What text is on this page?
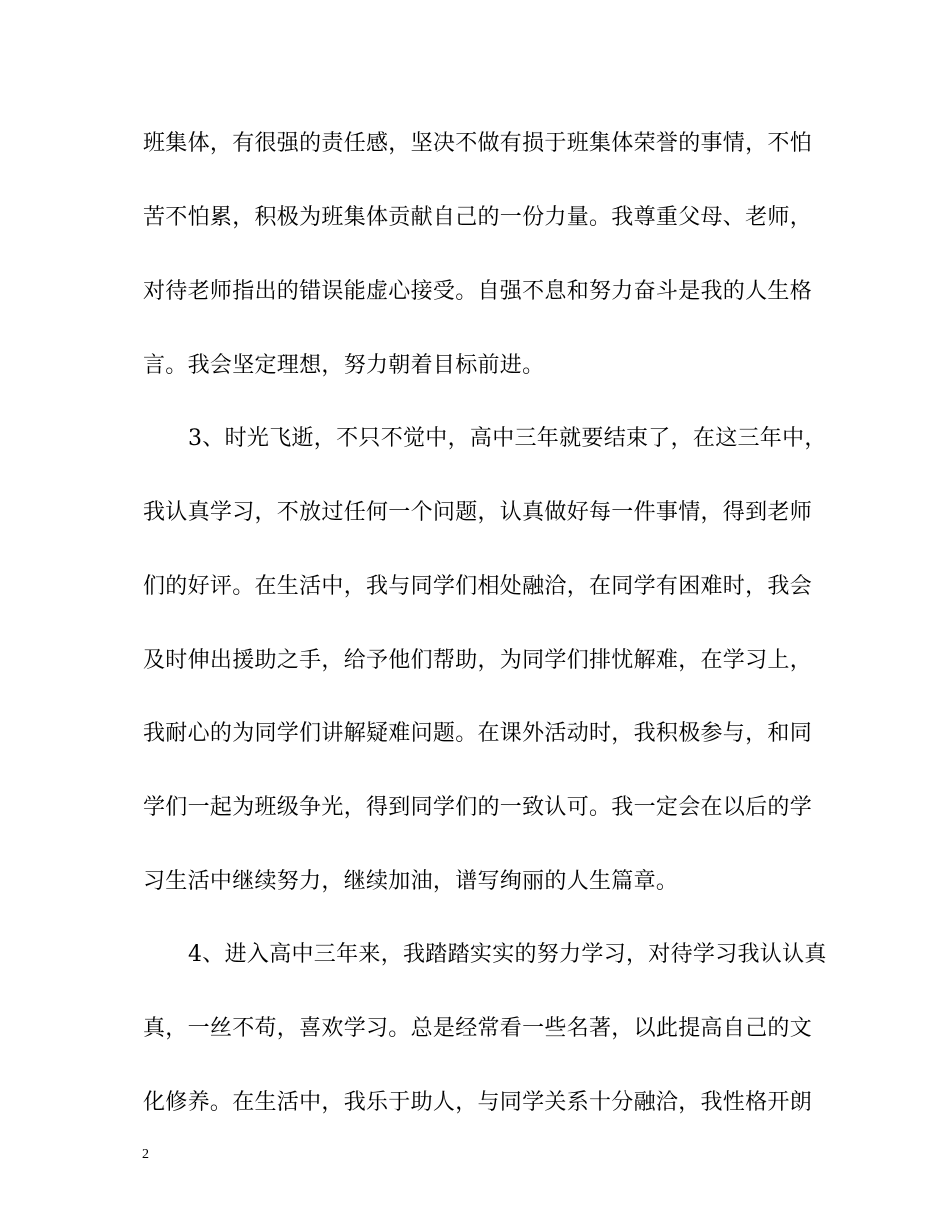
班集体，有很强的责任感，坚决不做有损于班集体荣誉的事情，不怕
苦不怕累，积极为班集体贡献自己的一份力量。我尊重父母、老师，
对待老师指出的错误能虚心接受。自强不息和努力奋斗是我的人生格
言。我会坚定理想，努力朝着目标前进。
3、时光飞逝，不只不觉中，高中三年就要结束了，在这三年中，
我认真学习，不放过任何一个问题，认真做好每一件事情，得到老师
们的好评。在生活中，我与同学们相处融洽，在同学有困难时，我会
及时伸出援助之手，给予他们帮助，为同学们排忧解难，在学习上，
我耐心的为同学们讲解疑难问题。在课外活动时，我积极参与，和同
学们一起为班级争光，得到同学们的一致认可。我一定会在以后的学
习生活中继续努力，继续加油，谱写绚丽的人生篇章。
4、进入高中三年来，我踏踏实实的努力学习，对待学习我认认真
真，一丝不苟，喜欢学习。总是经常看一些名著，以此提高自己的文
化修养。在生活中，我乐于助人，与同学关系十分融洽，我性格开朗
2
